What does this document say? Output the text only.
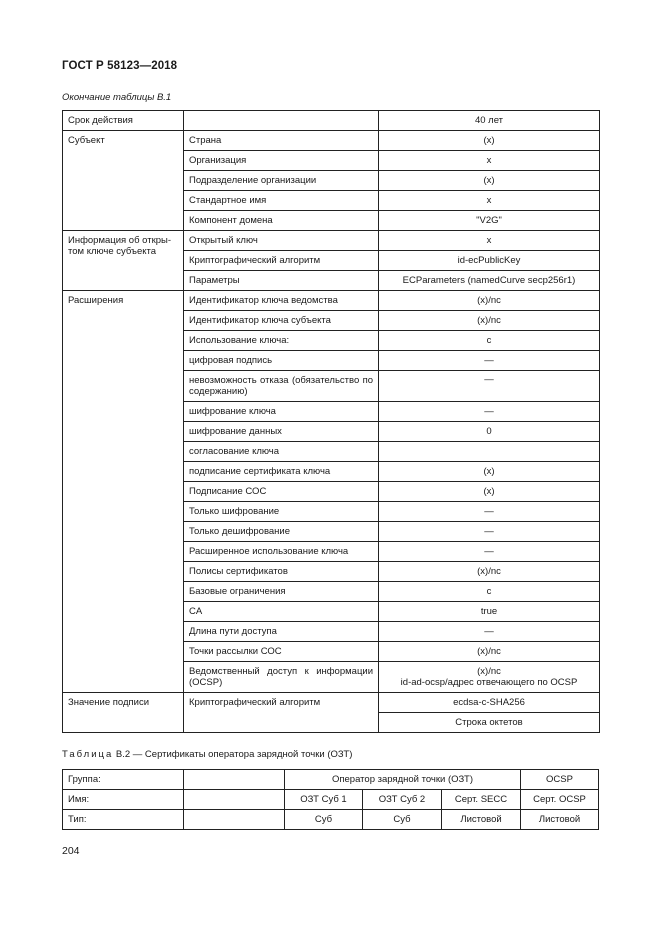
ГОСТ Р 58123—2018
Окончание таблицы В.1
Срок действия		40 лет
Субъект	Страна	(x)
	Организация	x
	Подразделение организации	(x)
	Стандартное имя	x
	Компонент домена	"V2G"
Информация об откры-том ключе субъекта	Открытый ключ	x
	Криптографический алгоритм	id-ecPublicKey
	Параметры	ECParameters (namedCurve secp256r1)
Расширения	Идентификатор ключа ведомства	(x)/nc
	Идентификатор ключа субъекта	(x)/nc
	Использование ключа:	c
	цифровая подпись	—
	невозможность отказа (обязательство по содержанию)	—
	шифрование ключа	—
	шифрование данных	0
	согласование ключа	
	подписание сертификата ключа	(x)
	Подписание СОС	(x)
	Только шифрование	—
	Только дешифрование	—
	Расширенное использование ключа	—
	Полисы сертификатов	(x)/nc
	Базовые ограничения	c
	CA	true
	Длина пути доступа	—
	Точки рассылки СОС	(x)/nc
	Ведомственный доступ к информации (OCSP)	(x)/nc
id-ad-ocsp/адрес отвечающего по OCSP

Значение подписи	Криптографический алгоритм	ecdsa-c-SHA256
		Строка октетов
Таблица В.2 — Сертификаты оператора зарядной точки (ОЗТ)
Группа:		Оператор зарядной точки (ОЗТ)			OCSP
Имя:		ОЗТ Суб 1	ОЗТ Суб 2	Серт. SECC	Серт. OCSP
Тип:		Суб	Суб	Листовой	Листовой
204
